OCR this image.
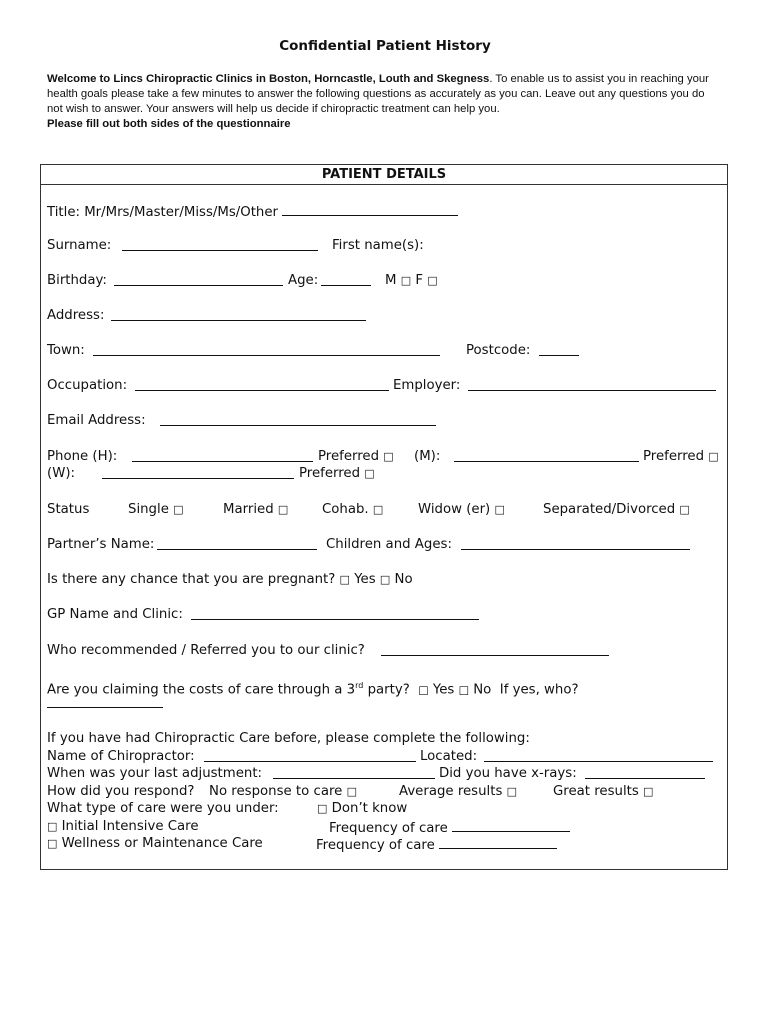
Confidential Patient History
Welcome to Lincs Chiropractic Clinics in Boston, Horncastle, Louth and Skegness. To enable us to assist you in reaching your health goals please take a few minutes to answer the following questions as accurately as you can. Leave out any questions you do not wish to answer. Your answers will help us decide if chiropractic treatment can help you.
Please fill out both sides of the questionnaire
PATIENT DETAILS
Title: Mr/Mrs/Master/Miss/Ms/Other
Surname:	First name(s):
Birthday:	Age:	M □ F □
Address:
Town:	Postcode:
Occupation:	Employer:
Email Address:
Phone (H):	Preferred □ (M):	Preferred □
(W):	Preferred □
Status	Single □	Married □	Cohab. □	Widow (er) □	Separated/Divorced □
Partner’s Name:	Children and Ages:
Is there any chance that you are pregnant? □ Yes □ No
GP Name and Clinic:
Who recommended / Referred you to our clinic?
Are you claiming the costs of care through a 3rd party? □ Yes □ No If yes, who?
If you have had Chiropractic Care before, please complete the following:
Name of Chiropractor:	Located:
When was your last adjustment:	Did you have x-rays:
How did you respond? No response to care □	Average results □	Great results □
What type of care were you under:	□ Don’t know
□ Initial Intensive Care	Frequency of care
□ Wellness or Maintenance Care	Frequency of care
